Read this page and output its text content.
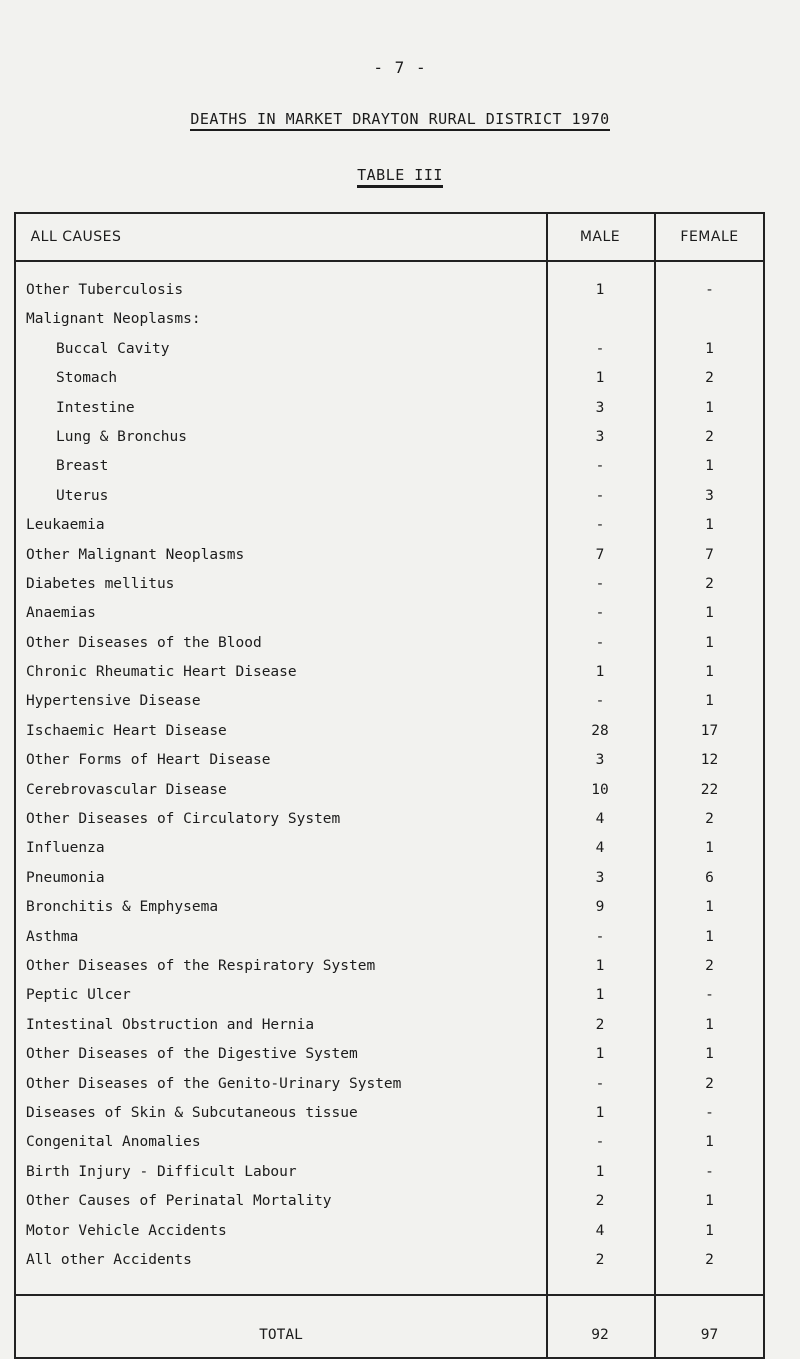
- 7 -
DEATHS IN MARKET DRAYTON RURAL DISTRICT 1970
TABLE III
ALL CAUSES	MALE	FEMALE
Other Tuberculosis	1	-
Malignant Neoplasms:
Buccal Cavity	-	1
Stomach	1	2
Intestine	3	1
Lung & Bronchus	3	2
Breast	-	1
Uterus	-	3
Leukaemia	-	1
Other Malignant Neoplasms	7	7
Diabetes mellitus	-	2
Anaemias	-	1
Other Diseases of the Blood	-	1
Chronic Rheumatic Heart Disease	1	1
Hypertensive Disease	-	1
Ischaemic Heart Disease	28	17
Other Forms of Heart Disease	3	12
Cerebrovascular Disease	10	22
Other Diseases of Circulatory System	4	2
Influenza	4	1
Pneumonia	3	6
Bronchitis & Emphysema	9	1
Asthma	-	1
Other Diseases of the Respiratory System	1	2
Peptic Ulcer	1	-
Intestinal Obstruction and Hernia	2	1
Other Diseases of the Digestive System	1	1
Other Diseases of the Genito-Urinary System	-	2
Diseases of Skin & Subcutaneous tissue	1	-
Congenital Anomalies	-	1
Birth Injury - Difficult Labour	1	-
Other Causes of Perinatal Mortality	2	1
Motor Vehicle Accidents	4	1
All other Accidents	2	2
TOTAL	92	97
